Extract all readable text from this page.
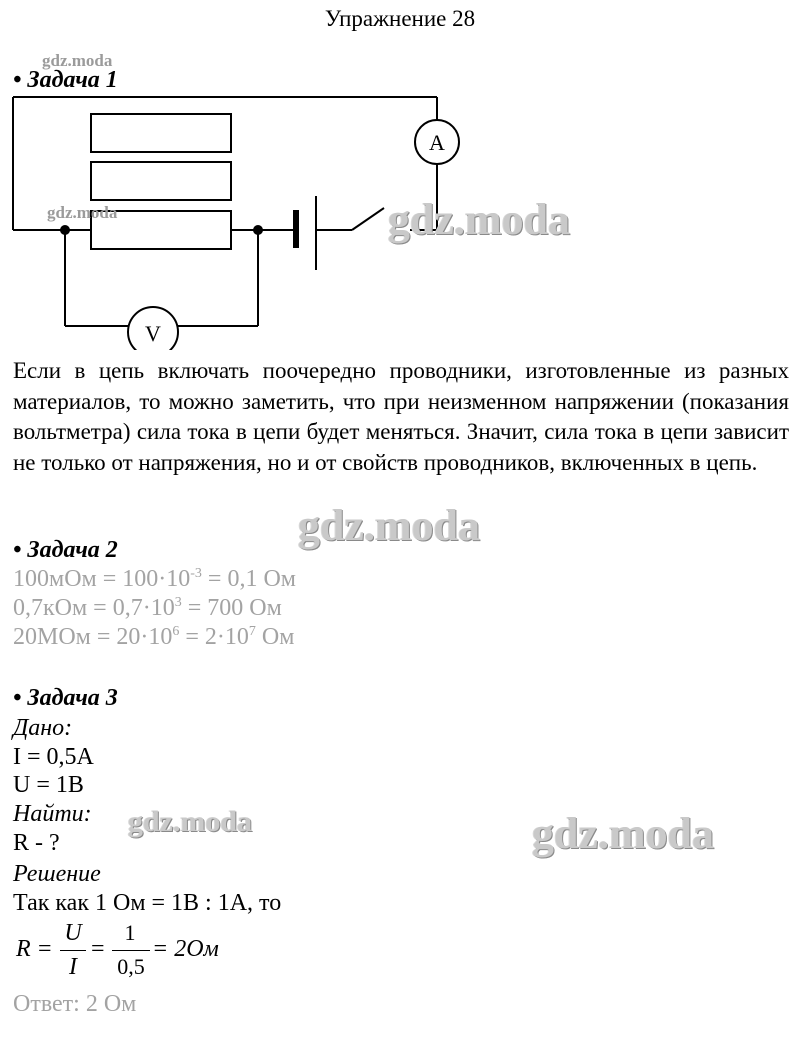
Упражнение 28
gdz.moda
• Задача 1
A
V
gdz.moda	gdz.moda
Если в цепь включать поочередно проводники, изготовленные из разных материалов, то можно заметить, что при неизменном напряжении (показания вольтметра) сила тока в цепи будет меняться. Значит, сила тока в цепи зависит не только от напряжения, но и от свойств проводников, включенных в цепь.
gdz.moda
• Задача 2
$100мОм = 100\cdot 10^{-3} = 0,1$ Ом
$0,7кОм = 0,7\cdot 10^3 = 700$ Ом
$20МОм = 20\cdot 10^6 = 2\cdot 10^7$ Ом
• Задача 3
Дано:
I = 0,5А
U = 1В
Найти:
R - ?
Решение
Так как 1 Ом = 1В : 1А, то
gdz.moda	gdz.moda
R =
U
I
=
1
0,5
= 2Ом
Ответ: 2 Ом
